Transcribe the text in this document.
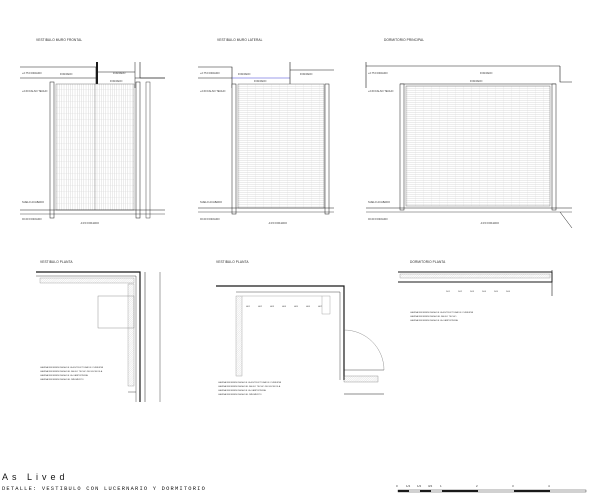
VESTIBULO MURO FRONTAL
FORJADO	FORJADO
+2.75 FORJADO
+2.60 FALSO TECHO
FORJADO
SUELO ACABADO
±0.00 FORJADO
-0.15 FORJADO
VESTIBULO MURO LATERAL
FORJADO	FORJADO
+2.75 FORJADO
+2.60 FALSO TECHO
FORJADO
SUELO ACABADO
±0.00 FORJADO
-0.15 FORJADO
DORMITORIO PRINCIPAL
FORJADO
+2.75 FORJADO
+2.60 FALSO TECHO
FORJADO
SUELO ACABADO
±0.00 FORJADO
-0.15 FORJADO
VESTIBULO PLANTA
LAMINA REFERENCIADA DE LA ESTRUCTURA DE CUBIERTA
LAMINA REFERENCIADA DEL FALSO TECHO DE ESCAYOLA
LAMINA REFERENCIADA DE LA CARPINTERIA
LAMINA REFERENCIADA DEL PAVIMENTO
VESTIBULO PLANTA
H01	H02	H03	H04	H05	H06	H07
LAMINA REFERENCIADA DE LA ESTRUCTURA DE CUBIERTA
LAMINA REFERENCIADA DEL FALSO TECHO DE ESCAYOLA
LAMINA REFERENCIADA DE LA CARPINTERIA
LAMINA REFERENCIADA DEL PAVIMENTO
DORMITORIO PLANTA
D01	D02	D03	D04	D05	D06
LAMINA REFERENCIADA DE LA ESTRUCTURA DE CUBIERTA
LAMINA REFERENCIADA DEL FALSO TECHO
LAMINA REFERENCIADA DE LA CARPINTERIA
As Lived
DETALLE: VESTIBULO CON LUCERNARIO Y DORMITORIO	0	1/4 1/2 3/4	1	2	3	4
